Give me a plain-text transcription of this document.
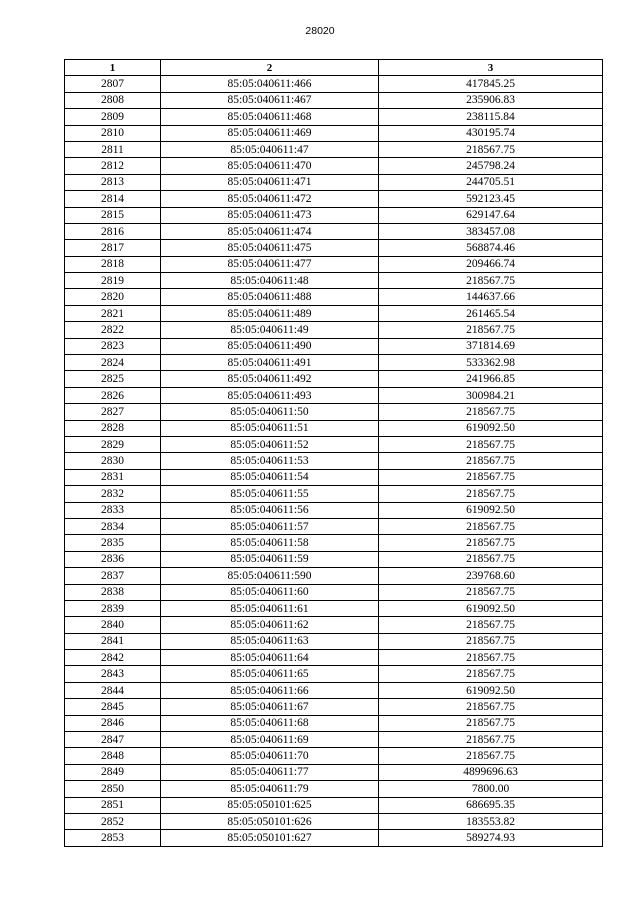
28020
1	2	3
2807	85:05:040611:466	417845.25
2808	85:05:040611:467	235906.83
2809	85:05:040611:468	238115.84
2810	85:05:040611:469	430195.74
2811	85:05:040611:47	218567.75
2812	85:05:040611:470	245798.24
2813	85:05:040611:471	244705.51
2814	85:05:040611:472	592123.45
2815	85:05:040611:473	629147.64
2816	85:05:040611:474	383457.08
2817	85:05:040611:475	568874.46
2818	85:05:040611:477	209466.74
2819	85:05:040611:48	218567.75
2820	85:05:040611:488	144637.66
2821	85:05:040611:489	261465.54
2822	85:05:040611:49	218567.75
2823	85:05:040611:490	371814.69
2824	85:05:040611:491	533362.98
2825	85:05:040611:492	241966.85
2826	85:05:040611:493	300984.21
2827	85:05:040611:50	218567.75
2828	85:05:040611:51	619092.50
2829	85:05:040611:52	218567.75
2830	85:05:040611:53	218567.75
2831	85:05:040611:54	218567.75
2832	85:05:040611:55	218567.75
2833	85:05:040611:56	619092.50
2834	85:05:040611:57	218567.75
2835	85:05:040611:58	218567.75
2836	85:05:040611:59	218567.75
2837	85:05:040611:590	239768.60
2838	85:05:040611:60	218567.75
2839	85:05:040611:61	619092.50
2840	85:05:040611:62	218567.75
2841	85:05:040611:63	218567.75
2842	85:05:040611:64	218567.75
2843	85:05:040611:65	218567.75
2844	85:05:040611:66	619092.50
2845	85:05:040611:67	218567.75
2846	85:05:040611:68	218567.75
2847	85:05:040611:69	218567.75
2848	85:05:040611:70	218567.75
2849	85:05:040611:77	4899696.63
2850	85:05:040611:79	7800.00
2851	85:05:050101:625	686695.35
2852	85:05:050101:626	183553.82
2853	85:05:050101:627	589274.93
